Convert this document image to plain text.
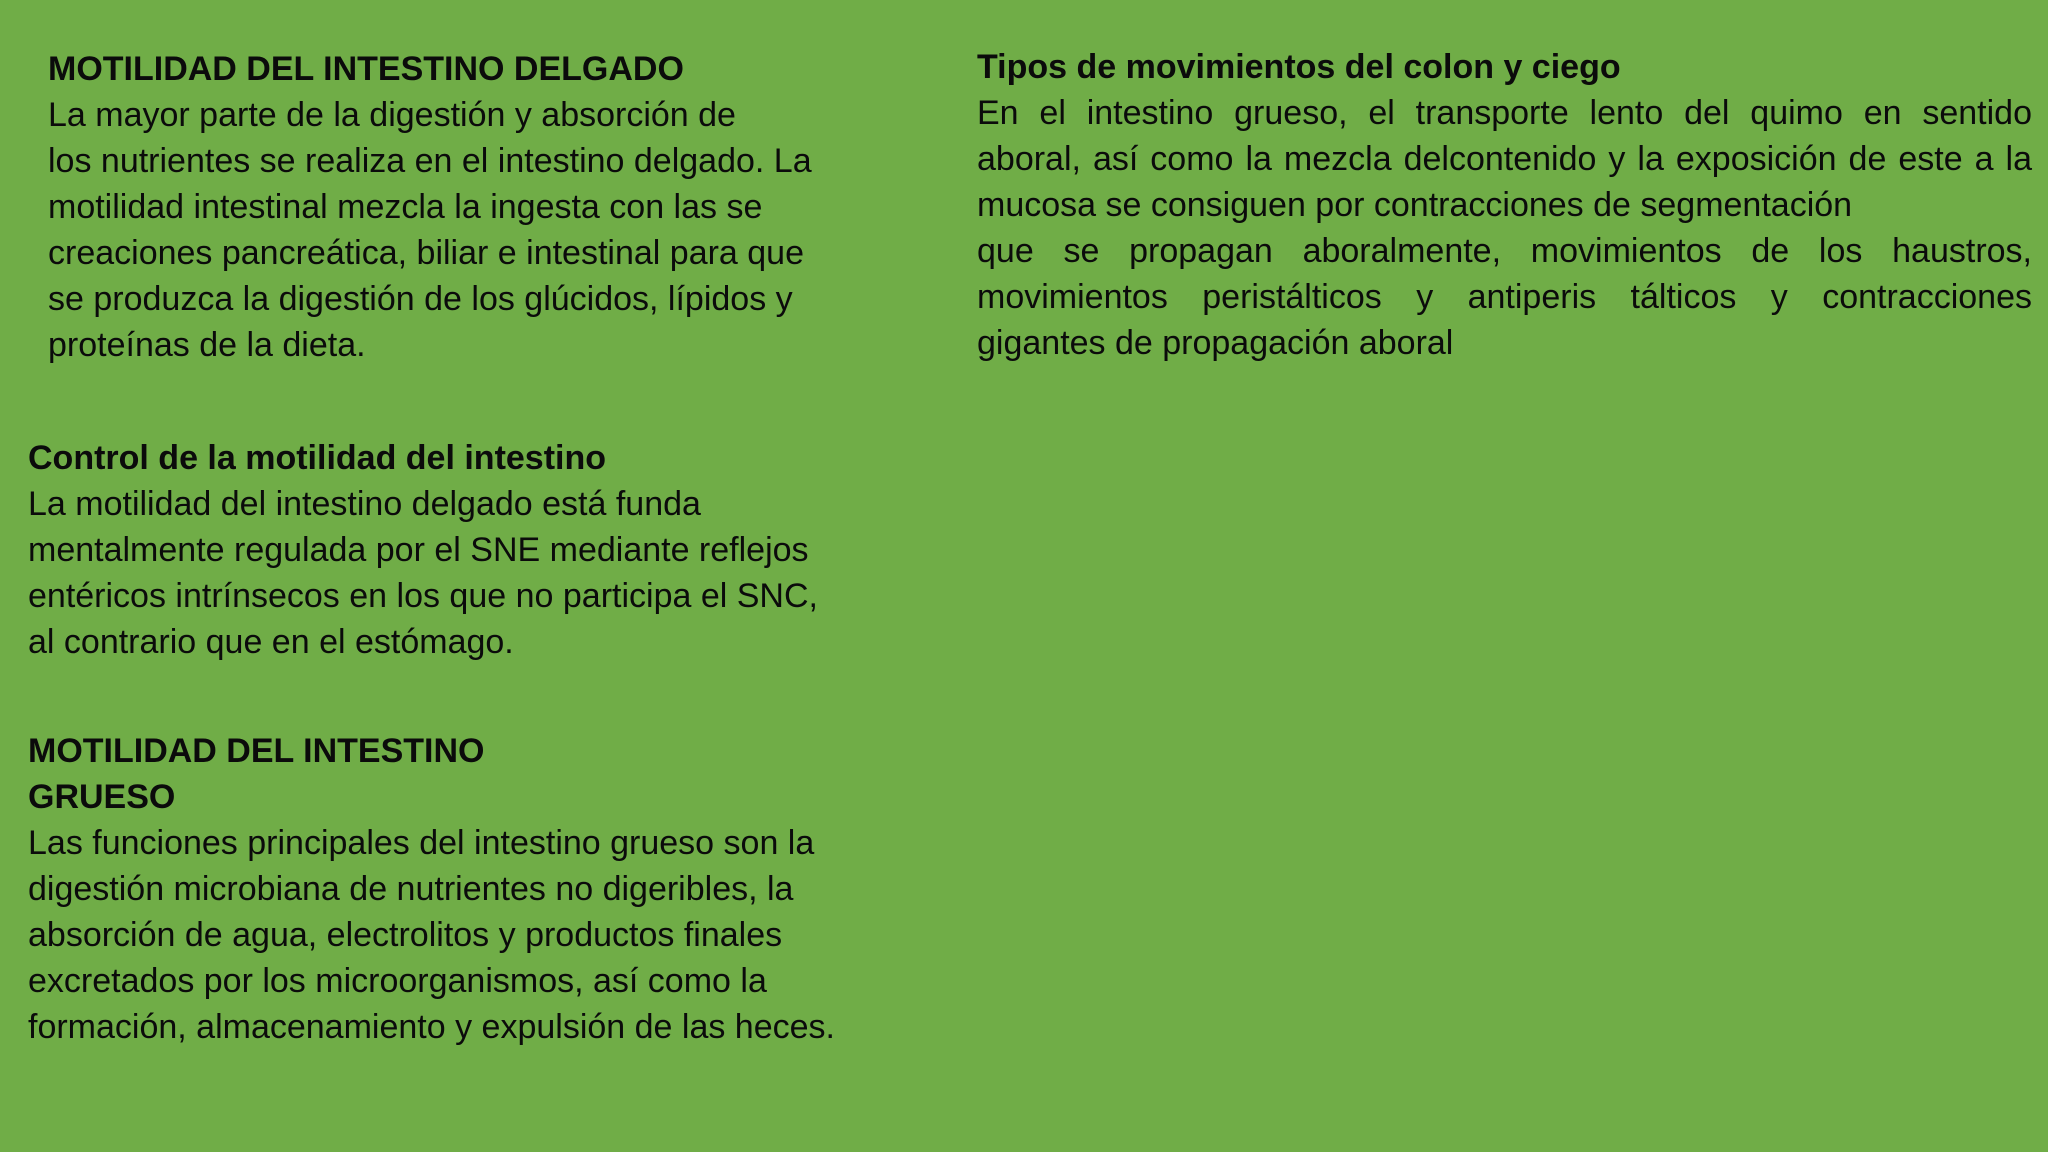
MOTILIDAD DEL INTESTINO DELGADO
La mayor parte de la digestión y absorción de
los nutrientes se realiza en el intestino delgado. La
motilidad intestinal mezcla la ingesta con las se
creaciones pancreática, biliar e intestinal para que
se produzca la digestión de los glúcidos, lípidos y
proteínas de la dieta.
Control de la motilidad del intestino
La motilidad del intestino delgado está funda
mentalmente regulada por el SNE mediante reflejos
entéricos intrínsecos en los que no participa el SNC,
al contrario que en el estómago.
MOTILIDAD DEL INTESTINO
GRUESO
Las funciones principales del intestino grueso son la
digestión microbiana de nutrientes no digeribles, la
absorción de agua, electrolitos y productos finales
excretados por los microorganismos, así como la
formación, almacenamiento y expulsión de las heces.
Tipos de movimientos del colon y ciego
En el intestino grueso, el transporte lento del quimo en sentido
aboral, así como la mezcla delcontenido y la exposición de este a la
mucosa se consiguen por contracciones de segmentación
que se propagan aboralmente, movimientos de los haustros,
movimientos peristálticos y antiperis tálticos y contracciones
gigantes de propagación aboral
